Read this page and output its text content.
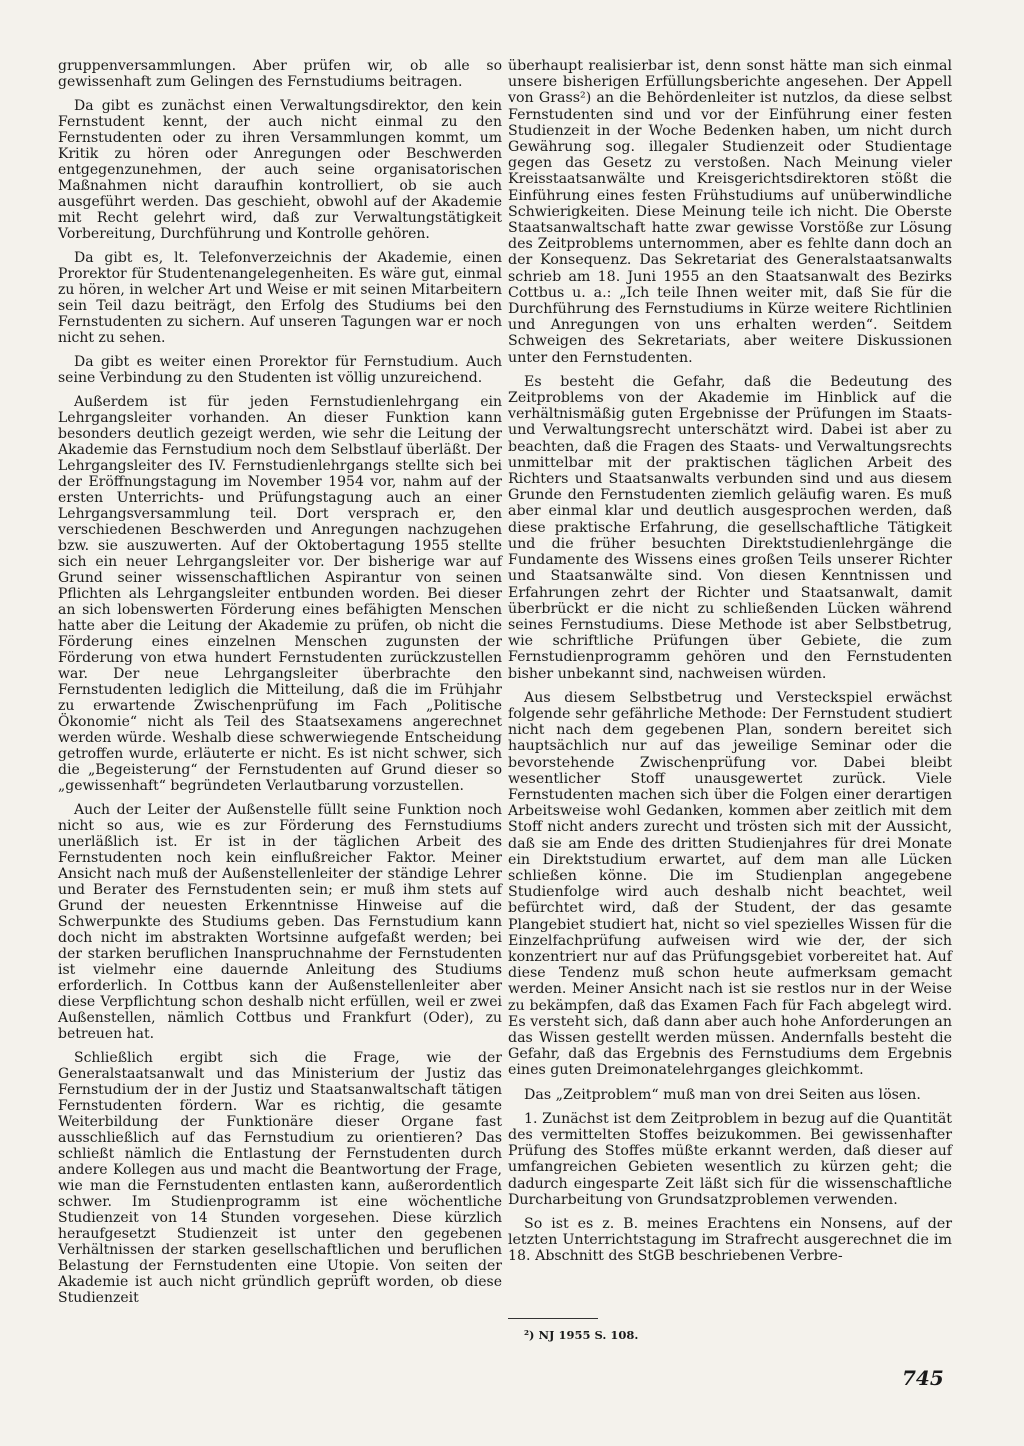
gruppenversammlungen. Aber prüfen wir, ob alle so gewissenhaft zum Gelingen des Fernstudiums beitragen.

Da gibt es zunächst einen Verwaltungsdirektor, den kein Fernstudent kennt, der auch nicht einmal zu den Fernstudenten oder zu ihren Versammlungen kommt, um Kritik zu hören oder Anregungen oder Beschwerden entgegenzunehmen, der auch seine organisatorischen Maßnahmen nicht daraufhin kontrolliert, ob sie auch ausgeführt werden. Das geschieht, obwohl auf der Akademie mit Recht gelehrt wird, daß zur Verwaltungstätigkeit Vorbereitung, Durchführung und Kontrolle gehören.

Da gibt es, lt. Telefonverzeichnis der Akademie, einen Prorektor für Studentenangelegenheiten. Es wäre gut, einmal zu hören, in welcher Art und Weise er mit seinen Mitarbeitern sein Teil dazu beiträgt, den Erfolg des Studiums bei den Fernstudenten zu sichern. Auf unseren Tagungen war er noch nicht zu sehen.

Da gibt es weiter einen Prorektor für Fernstudium. Auch seine Verbindung zu den Studenten ist völlig unzureichend.

Außerdem ist für jeden Fernstudienlehrgang ein Lehrgangsleiter vorhanden. An dieser Funktion kann besonders deutlich gezeigt werden, wie sehr die Leitung der Akademie das Fernstudium noch dem Selbstlauf überläßt. Der Lehrgangsleiter des IV. Fernstudienlehrgangs stellte sich bei der Eröffnungstagung im November 1954 vor, nahm auf der ersten Unterrichts- und Prüfungstagung auch an einer Lehrgangsversammlung teil. Dort versprach er, den verschiedenen Beschwerden und Anregungen nachzugehen bzw. sie auszuwerten. Auf der Oktobertagung 1955 stellte sich ein neuer Lehrgangsleiter vor. Der bisherige war auf Grund seiner wissenschaftlichen Aspirantur von seinen Pflichten als Lehrgangsleiter entbunden worden. Bei dieser an sich lobenswerten Förderung eines befähigten Menschen hatte aber die Leitung der Akademie zu prüfen, ob nicht die Förderung eines einzelnen Menschen zugunsten der Förderung von etwa hundert Fernstudenten zurückzustellen war. Der neue Lehrgangsleiter überbrachte den Fernstudenten lediglich die Mitteilung, daß die im Frühjahr zu erwartende Zwischenprüfung im Fach „Politische Ökonomie“ nicht als Teil des Staatsexamens angerechnet werden würde. Weshalb diese schwerwiegende Entscheidung getroffen wurde, erläuterte er nicht. Es ist nicht schwer, sich die „Begeisterung“ der Fernstudenten auf Grund dieser so „gewissenhaft“ begründeten Verlautbarung vorzustellen.

Auch der Leiter der Außenstelle füllt seine Funktion noch nicht so aus, wie es zur Förderung des Fernstudiums unerläßlich ist. Er ist in der täglichen Arbeit des Fernstudenten noch kein einflußreicher Faktor. Meiner Ansicht nach muß der Außenstellenleiter der ständige Lehrer und Berater des Fernstudenten sein; er muß ihm stets auf Grund der neuesten Erkenntnisse Hinweise auf die Schwerpunkte des Studiums geben. Das Fernstudium kann doch nicht im abstrakten Wortsinne aufgefaßt werden; bei der starken beruflichen Inanspruchnahme der Fernstudenten ist vielmehr eine dauernde Anleitung des Studiums erforderlich. In Cottbus kann der Außenstellenleiter aber diese Verpflichtung schon deshalb nicht erfüllen, weil er zwei Außenstellen, nämlich Cottbus und Frankfurt (Oder), zu betreuen hat.

Schließlich ergibt sich die Frage, wie der Generalstaatsanwalt und das Ministerium der Justiz das Fernstudium der in der Justiz und Staatsanwaltschaft tätigen Fernstudenten fördern. War es richtig, die gesamte Weiterbildung der Funktionäre dieser Organe fast ausschließlich auf das Fernstudium zu orientieren? Das schließt nämlich die Entlastung der Fernstudenten durch andere Kollegen aus und macht die Beantwortung der Frage, wie man die Fernstudenten entlasten kann, außerordentlich schwer. Im Studienprogramm ist eine wöchentliche Studienzeit von 14 Stunden vorgesehen. Diese kürzlich heraufgesetzt Studienzeit ist unter den gegebenen Verhältnissen der starken gesellschaftlichen und beruflichen Belastung der Fernstudenten eine Utopie. Von seiten der Akademie ist auch nicht gründlich geprüft worden, ob diese Studienzeit

überhaupt realisierbar ist, denn sonst hätte man sich einmal unsere bisherigen Erfüllungsberichte angesehen. Der Appell von Grass²) an die Behördenleiter ist nutzlos, da diese selbst Fernstudenten sind und vor der Einführung einer festen Studienzeit in der Woche Bedenken haben, um nicht durch Gewährung sog. illegaler Studienzeit oder Studientage gegen das Gesetz zu verstoßen. Nach Meinung vieler Kreisstaatsanwälte und Kreisgerichtsdirektoren stößt die Einführung eines festen Frühstudiums auf unüberwindliche Schwierigkeiten. Diese Meinung teile ich nicht. Die Oberste Staatsanwaltschaft hatte zwar gewisse Vorstöße zur Lösung des Zeitproblems unternommen, aber es fehlte dann doch an der Konsequenz. Das Sekretariat des Generalstaatsanwalts schrieb am 18. Juni 1955 an den Staatsanwalt des Bezirks Cottbus u. a.: „Ich teile Ihnen weiter mit, daß Sie für die Durchführung des Fernstudiums in Kürze weitere Richtlinien und Anregungen von uns erhalten werden“. Seitdem Schweigen des Sekretariats, aber weitere Diskussionen unter den Fernstudenten.

Es besteht die Gefahr, daß die Bedeutung des Zeitproblems von der Akademie im Hinblick auf die verhältnismäßig guten Ergebnisse der Prüfungen im Staats- und Verwaltungsrecht unterschätzt wird. Dabei ist aber zu beachten, daß die Fragen des Staats- und Verwaltungsrechts unmittelbar mit der praktischen täglichen Arbeit des Richters und Staatsanwalts verbunden sind und aus diesem Grunde den Fernstudenten ziemlich geläufig waren. Es muß aber einmal klar und deutlich ausgesprochen werden, daß diese praktische Erfahrung, die gesellschaftliche Tätigkeit und die früher besuchten Direktstudienlehrgänge die Fundamente des Wissens eines großen Teils unserer Richter und Staatsanwälte sind. Von diesen Kenntnissen und Erfahrungen zehrt der Richter und Staatsanwalt, damit überbrückt er die nicht zu schließenden Lücken während seines Fernstudiums. Diese Methode ist aber Selbstbetrug, wie schriftliche Prüfungen über Gebiete, die zum Fernstudienprogramm gehören und den Fernstudenten bisher unbekannt sind, nachweisen würden.

Aus diesem Selbstbetrug und Versteckspiel erwächst folgende sehr gefährliche Methode: Der Fernstudent studiert nicht nach dem gegebenen Plan, sondern bereitet sich hauptsächlich nur auf das jeweilige Seminar oder die bevorstehende Zwischenprüfung vor. Dabei bleibt wesentlicher Stoff unausgewertet zurück. Viele Fernstudenten machen sich über die Folgen einer derartigen Arbeitsweise wohl Gedanken, kommen aber zeitlich mit dem Stoff nicht anders zurecht und trösten sich mit der Aussicht, daß sie am Ende des dritten Studienjahres für drei Monate ein Direktstudium erwartet, auf dem man alle Lücken schließen könne. Die im Studienplan angegebene Studienfolge wird auch deshalb nicht beachtet, weil befürchtet wird, daß der Student, der das gesamte Plangebiet studiert hat, nicht so viel spezielles Wissen für die Einzelfachprüfung aufweisen wird wie der, der sich konzentriert nur auf das Prüfungsgebiet vorbereitet hat. Auf diese Tendenz muß schon heute aufmerksam gemacht werden. Meiner Ansicht nach ist sie restlos nur in der Weise zu bekämpfen, daß das Examen Fach für Fach abgelegt wird. Es versteht sich, daß dann aber auch hohe Anforderungen an das Wissen gestellt werden müssen. Andernfalls besteht die Gefahr, daß das Ergebnis des Fernstudiums dem Ergebnis eines guten Dreimonatelehrganges gleichkommt.

Das „Zeitproblem“ muß man von drei Seiten aus lösen.

1. Zunächst ist dem Zeitproblem in bezug auf die Quantität des vermittelten Stoffes beizukommen. Bei gewissenhafter Prüfung des Stoffes müßte erkannt werden, daß dieser auf umfangreichen Gebieten wesentlich zu kürzen geht; die dadurch eingesparte Zeit läßt sich für die wissenschaftliche Durcharbeitung von Grundsatzproblemen verwenden.

So ist es z. B. meines Erachtens ein Nonsens, auf der letzten Unterrichtstagung im Strafrecht ausgerechnet die im 18. Abschnitt des StGB beschriebenen Verbre-

²) NJ 1955 S. 108.
745
